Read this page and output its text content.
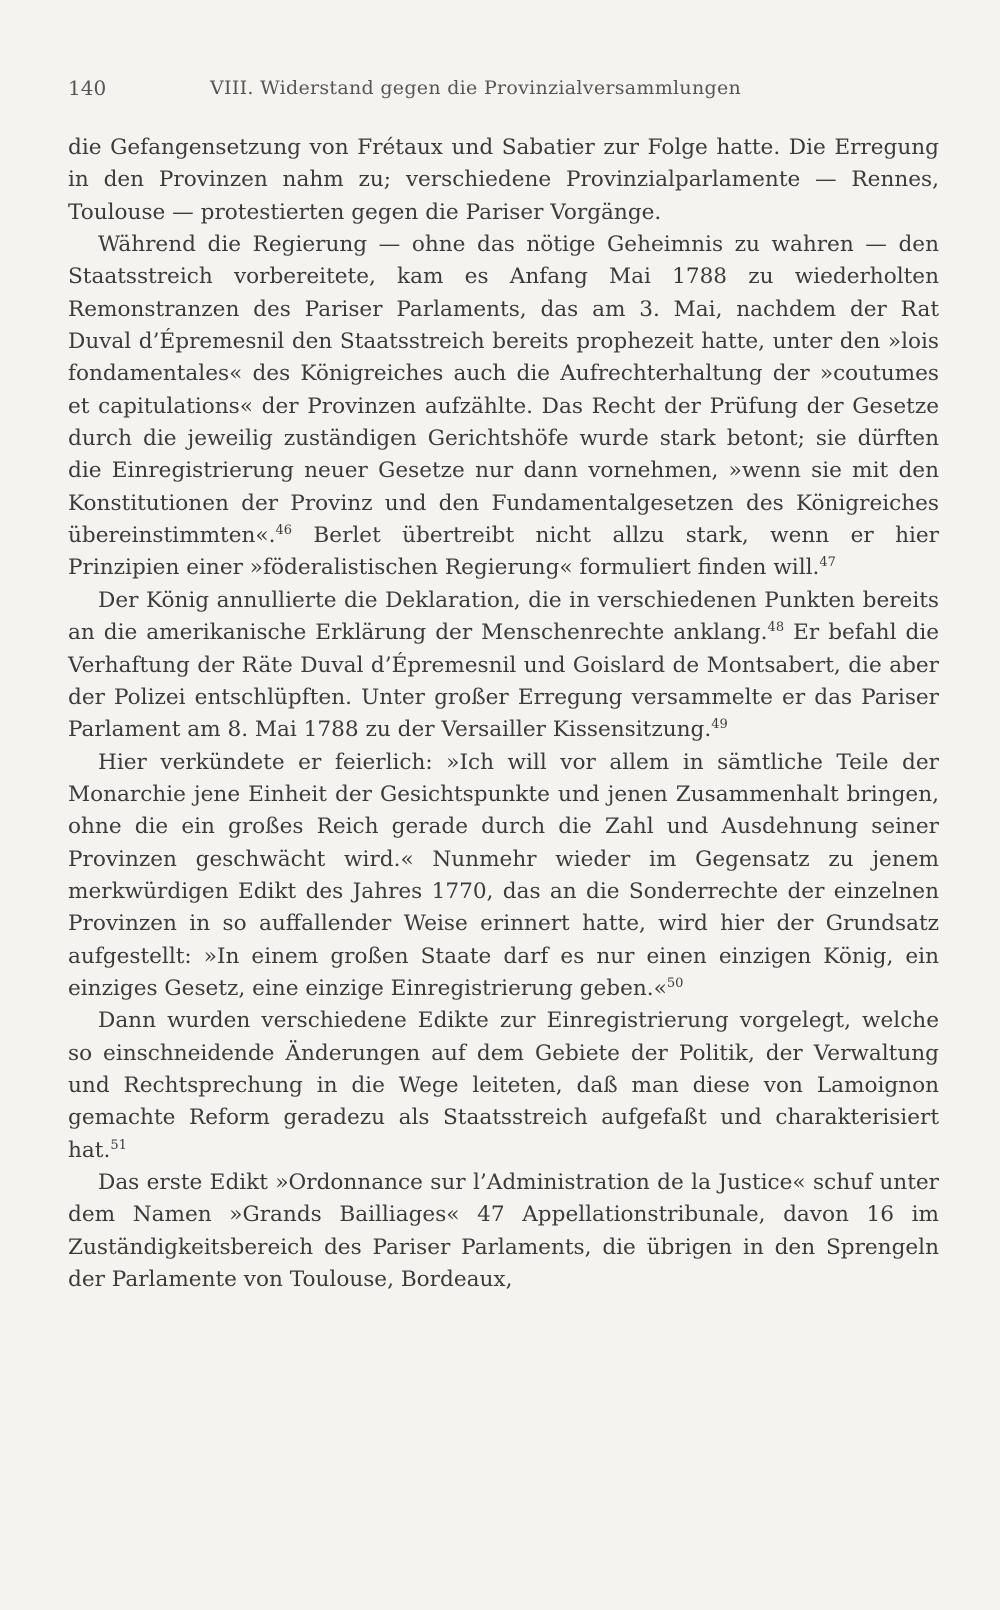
140	VIII. Widerstand gegen die Provinzialversammlungen

die Gefangensetzung von Frétaux und Sabatier zur Folge hatte. Die Erregung in den Provinzen nahm zu; verschiedene Provinzialparlamente — Rennes, Toulouse — protestierten gegen die Pariser Vorgänge.

Während die Regierung — ohne das nötige Geheimnis zu wahren — den Staatsstreich vorbereitete, kam es Anfang Mai 1788 zu wiederholten Remonstranzen des Pariser Parlaments, das am 3. Mai, nachdem der Rat Duval d’Épremesnil den Staatsstreich bereits prophezeit hatte, unter den »lois fondamentales« des Königreiches auch die Aufrechterhaltung der »coutumes et capitulations« der Provinzen aufzählte. Das Recht der Prüfung der Gesetze durch die jeweilig zuständigen Gerichtshöfe wurde stark betont; sie dürften die Einregistrierung neuer Gesetze nur dann vornehmen, »wenn sie mit den Konstitutionen der Provinz und den Fundamentalgesetzen des Königreiches übereinstimmten«.$^{46}$ Berlet übertreibt nicht allzu stark, wenn er hier Prinzipien einer »föderalistischen Regierung« formuliert finden will.$^{47}$

Der König annullierte die Deklaration, die in verschiedenen Punkten bereits an die amerikanische Erklärung der Menschenrechte anklang.$^{48}$ Er befahl die Verhaftung der Räte Duval d’Épremesnil und Goislard de Montsabert, die aber der Polizei entschlüpften. Unter großer Erregung versammelte er das Pariser Parlament am 8. Mai 1788 zu der Versailler Kissensitzung.$^{49}$

Hier verkündete er feierlich: »Ich will vor allem in sämtliche Teile der Monarchie jene Einheit der Gesichtspunkte und jenen Zusammenhalt bringen, ohne die ein großes Reich gerade durch die Zahl und Ausdehnung seiner Provinzen geschwächt wird.« Nunmehr wieder im Gegensatz zu jenem merkwürdigen Edikt des Jahres 1770, das an die Sonderrechte der einzelnen Provinzen in so auffallender Weise erinnert hatte, wird hier der Grundsatz aufgestellt: »In einem großen Staate darf es nur einen einzigen König, ein einziges Gesetz, eine einzige Einregistrierung geben.«$^{50}$

Dann wurden verschiedene Edikte zur Einregistrierung vorgelegt, welche so einschneidende Änderungen auf dem Gebiete der Politik, der Verwaltung und Rechtsprechung in die Wege leiteten, daß man diese von Lamoignon gemachte Reform geradezu als Staatsstreich aufgefaßt und charakterisiert hat.$^{51}$

Das erste Edikt »Ordonnance sur l’Administration de la Justice« schuf unter dem Namen »Grands Bailliages« 47 Appellationstribunale, davon 16 im Zuständigkeitsbereich des Pariser Parlaments, die übrigen in den Sprengeln der Parlamente von Toulouse, Bordeaux,
